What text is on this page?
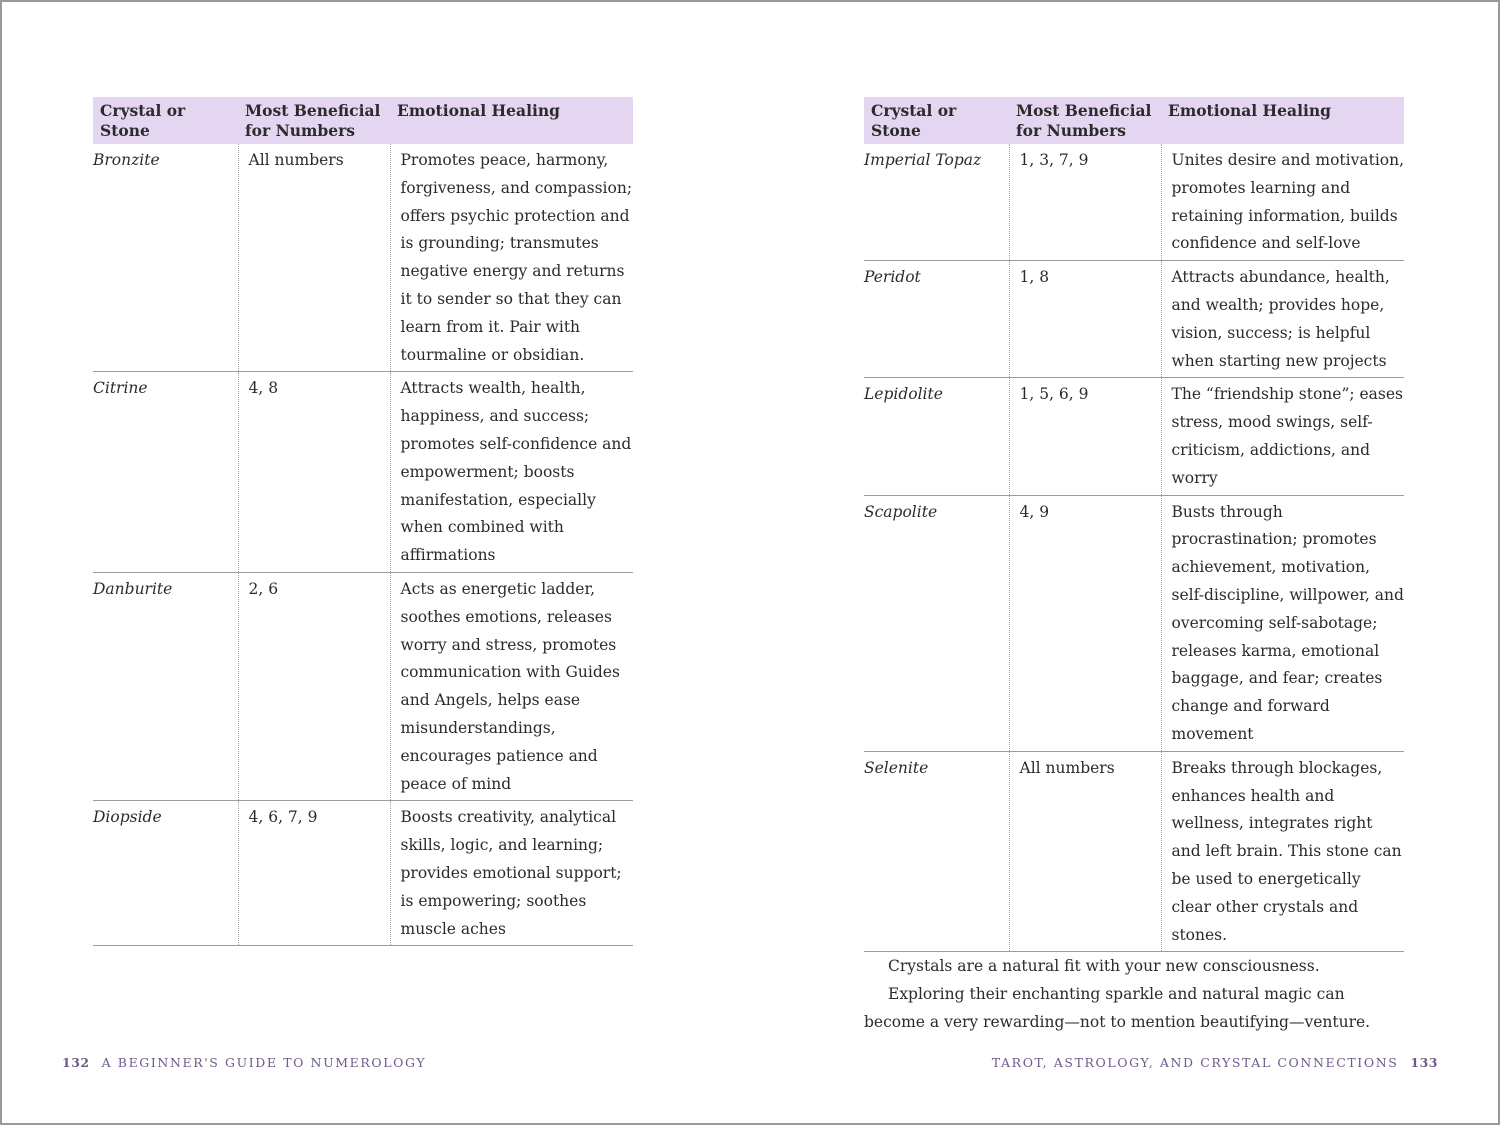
Crystal or Stone	Most Beneficial for Numbers	Emotional Healing
Bronzite	All numbers	Promotes peace, harmony, forgiveness, and compassion; offers psychic protection and is grounding; transmutes negative energy and returns it to sender so that they can learn from it. Pair with tourmaline or obsidian.
Citrine	4, 8	Attracts wealth, health, happiness, and success; promotes self-confidence and empowerment; boosts manifestation, especially when combined with affirmations
Danburite	2, 6	Acts as energetic ladder, soothes emotions, releases worry and stress, promotes communication with Guides and Angels, helps ease misunderstandings, encourages patience and peace of mind
Diopside	4, 6, 7, 9	Boosts creativity, analytical skills, logic, and learning; provides emotional support; is empowering; soothes muscle aches
132 A BEGINNER'S GUIDE TO NUMEROLOGY
Crystal or Stone	Most Beneficial for Numbers	Emotional Healing
Imperial Topaz	1, 3, 7, 9	Unites desire and motivation, promotes learning and retaining information, builds confidence and self-love
Peridot	1, 8	Attracts abundance, health, and wealth; provides hope, vision, success; is helpful when starting new projects
Lepidolite	1, 5, 6, 9	The “friendship stone”; eases stress, mood swings, self-criticism, addictions, and worry
Scapolite	4, 9	Busts through procrastination; promotes achievement, motivation, self-discipline, willpower, and overcoming self-sabotage; releases karma, emotional baggage, and fear; creates change and forward movement
Selenite	All numbers	Breaks through blockages, enhances health and wellness, integrates right and left brain. This stone can be used to energetically clear other crystals and stones.

Crystals are a natural fit with your new consciousness.

Exploring their enchanting sparkle and natural magic can become a very rewarding—not to mention beautifying—venture.

TAROT, ASTROLOGY, AND CRYSTAL CONNECTIONS 133
